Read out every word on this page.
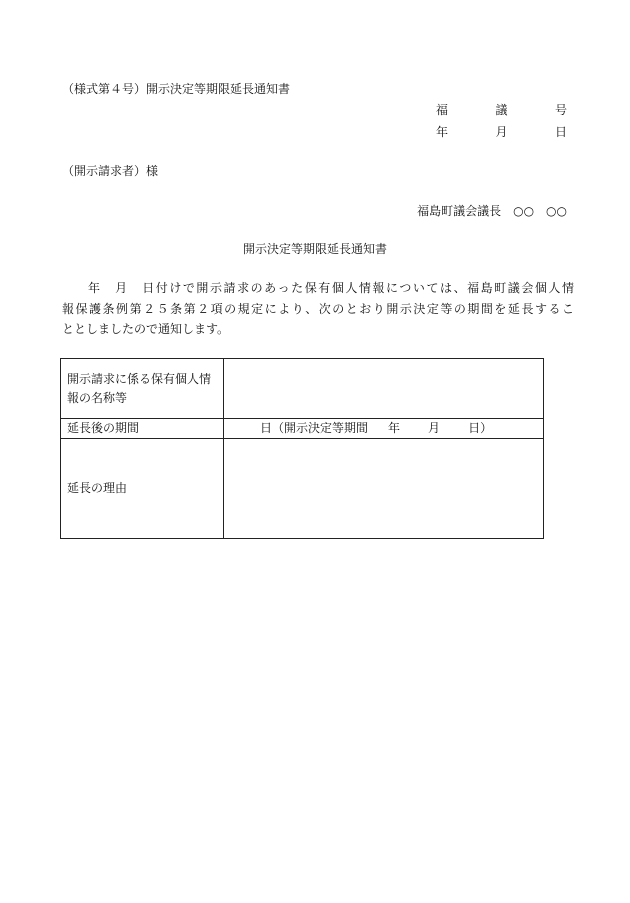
（様式第４号）開示決定等期限延長通知書
福	議	号
年	月	日
（開示請求者）様
福島町議会議長　○○　○○
開示決定等期限延長通知書
年　月　日付けで開示請求のあった保有個人情報については、福島町議会個人情
報保護条例第２５条第２項の規定により、次のとおり開示決定等の期間を延長するこ
ととしましたので通知します。
開示請求に係る保有個人情報の名称等	
延長後の期間	日（開示決定等期間 年 月 日）
延長の理由	
